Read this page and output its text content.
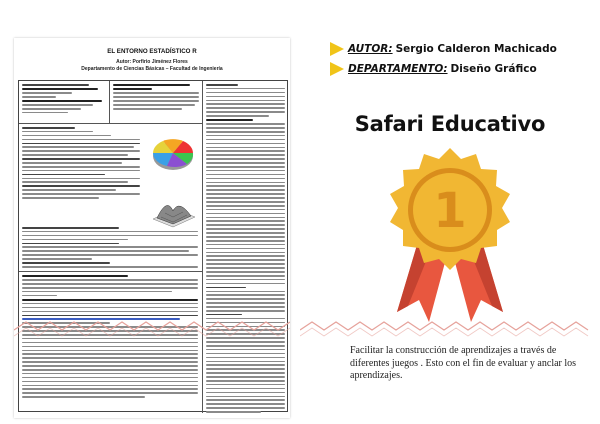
EL ENTORNO ESTADÍSTICO R
Autor: Porfirio Jiménez Flores
Departamento de Ciencias Básicas – Facultad de Ingeniería
AUTOR: Sergio Calderon Machicado
DEPARTAMENTO: Diseño Gráfico
Safari Educativo
1
Facilitar la construcción de aprendizajes a través de diferentes juegos . Esto con el fin de evaluar y anclar los aprendizajes.
